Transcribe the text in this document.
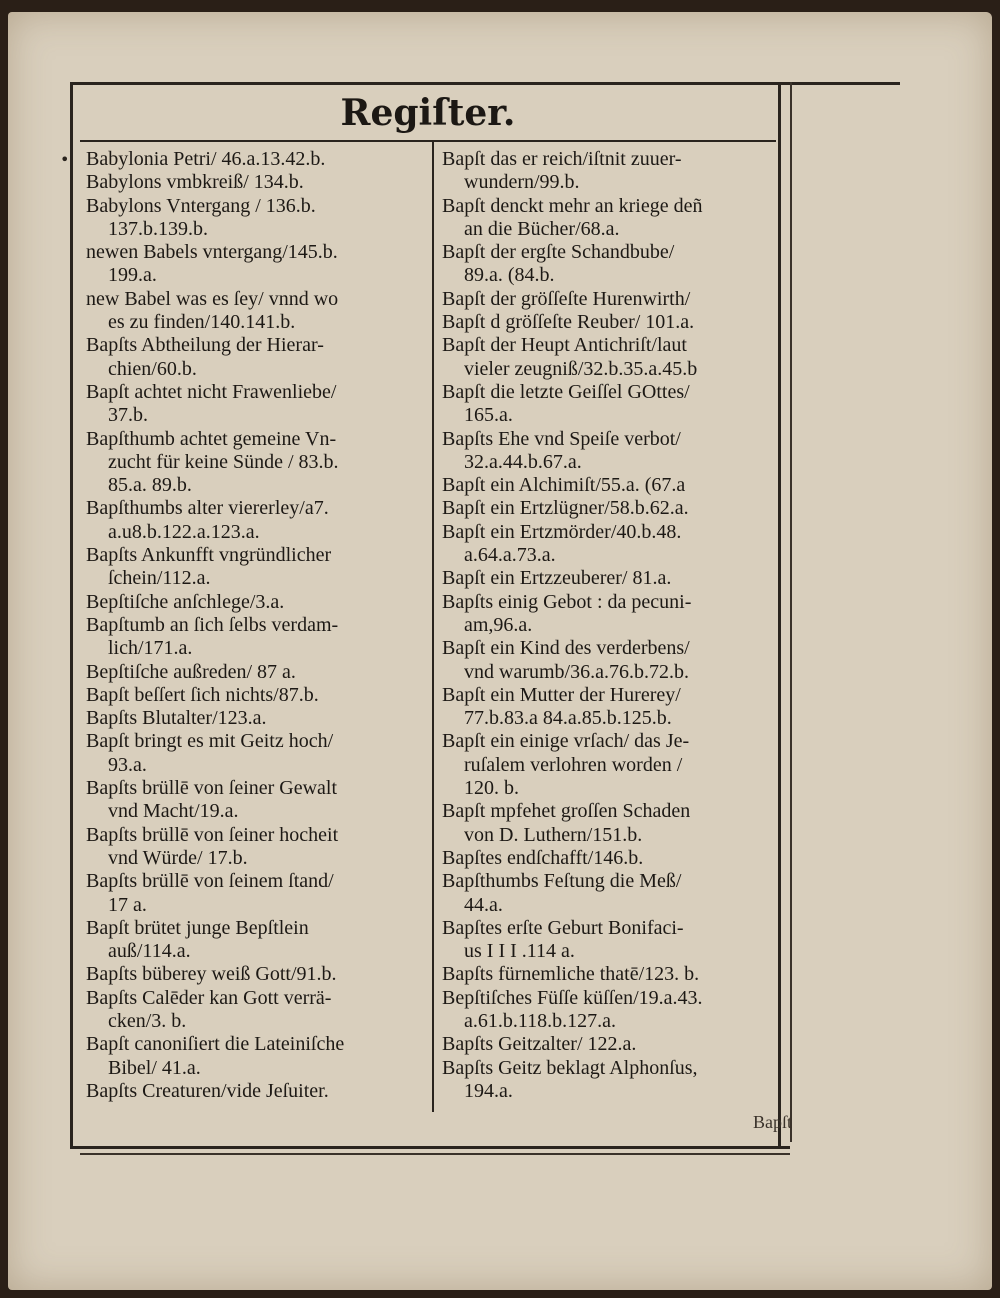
Regiſter.
• Babylonia Petri/ 46.a.13.42.b.
Babylons vmbkreiß/ 134.b.
Babylons Vntergang / 136.b.
137.b.139.b.
newen Babels vntergang/145.b.
199.a.
new Babel was es ſey/ vnnd wo
es zu finden/140.141.b.
Bapſts Abtheilung der Hierar-
chien/60.b.
Bapſt achtet nicht Frawenliebe/
37.b.
Bapſthumb achtet gemeine Vn-
zucht für keine Sünde / 83.b.
85.a. 89.b.
Bapſthumbs alter viererley/a7.
a.u8.b.122.a.123.a.
Bapſts Ankunfft vngründlicher
ſchein/112.a.
Bepſtiſche anſchlege/3.a.
Bapſtumb an ſich ſelbs verdam-
lich/171.a.
Bepſtiſche außreden/ 87 a.
Bapſt beſſert ſich nichts/87.b.
Bapſts Blutalter/123.a.
Bapſt bringt es mit Geitz hoch/
93.a.
Bapſts brüllē von ſeiner Gewalt
vnd Macht/19.a.
Bapſts brüllē von ſeiner hocheit
vnd Würde/ 17.b.
Bapſts brüllē von ſeinem ſtand/
17 a.
Bapſt brütet junge Bepſtlein
auß/114.a.
Bapſts büberey weiß Gott/91.b.
Bapſts Calēder kan Gott verrä-
cken/3. b.
Bapſt canoniſiert die Lateiniſche
Bibel/ 41.a.
Bapſts Creaturen/vide Jeſuiter.
Bapſt das er reich/iſtnit zuuer-
wundern/99.b.
Bapſt denckt mehr an kriege deñ
an die Bücher/68.a.
Bapſt der ergſte Schandbube/
89.a. (84.b.
Bapſt der gröſſeſte Hurenwirth/
Bapſt d gröſſeſte Reuber/ 101.a.
Bapſt der Heupt Antichriſt/laut
vieler zeugniß/32.b.35.a.45.b
Bapſt die letzte Geiſſel GOttes/
165.a.
Bapſts Ehe vnd Speiſe verbot/
32.a.44.b.67.a.
Bapſt ein Alchimiſt/55.a. (67.a
Bapſt ein Ertzlügner/58.b.62.a.
Bapſt ein Ertzmörder/40.b.48.
a.64.a.73.a.
Bapſt ein Ertzzeuberer/ 81.a.
Bapſts einig Gebot : da pecuni-
am,96.a.
Bapſt ein Kind des verderbens/
vnd warumb/36.a.76.b.72.b.
Bapſt ein Mutter der Hurerey/
77.b.83.a 84.a.85.b.125.b.
Bapſt ein einige vrſach/ das Je-
ruſalem verlohren worden /
120. b.
Bapſt mpfehet groſſen Schaden
von D. Luthern/151.b.
Bapſtes endſchafft/146.b.
Bapſthumbs Feſtung die Meß/
44.a.
Bapſtes erſte Geburt Bonifaci-
us I I I .114 a.
Bapſts fürnemliche thatē/123. b.
Bepſtiſches Füſſe küſſen/19.a.43.
a.61.b.118.b.127.a.
Bapſts Geitzalter/ 122.a.
Bapſts Geitz beklagt Alphonſus,
194.a.
Bapſt
